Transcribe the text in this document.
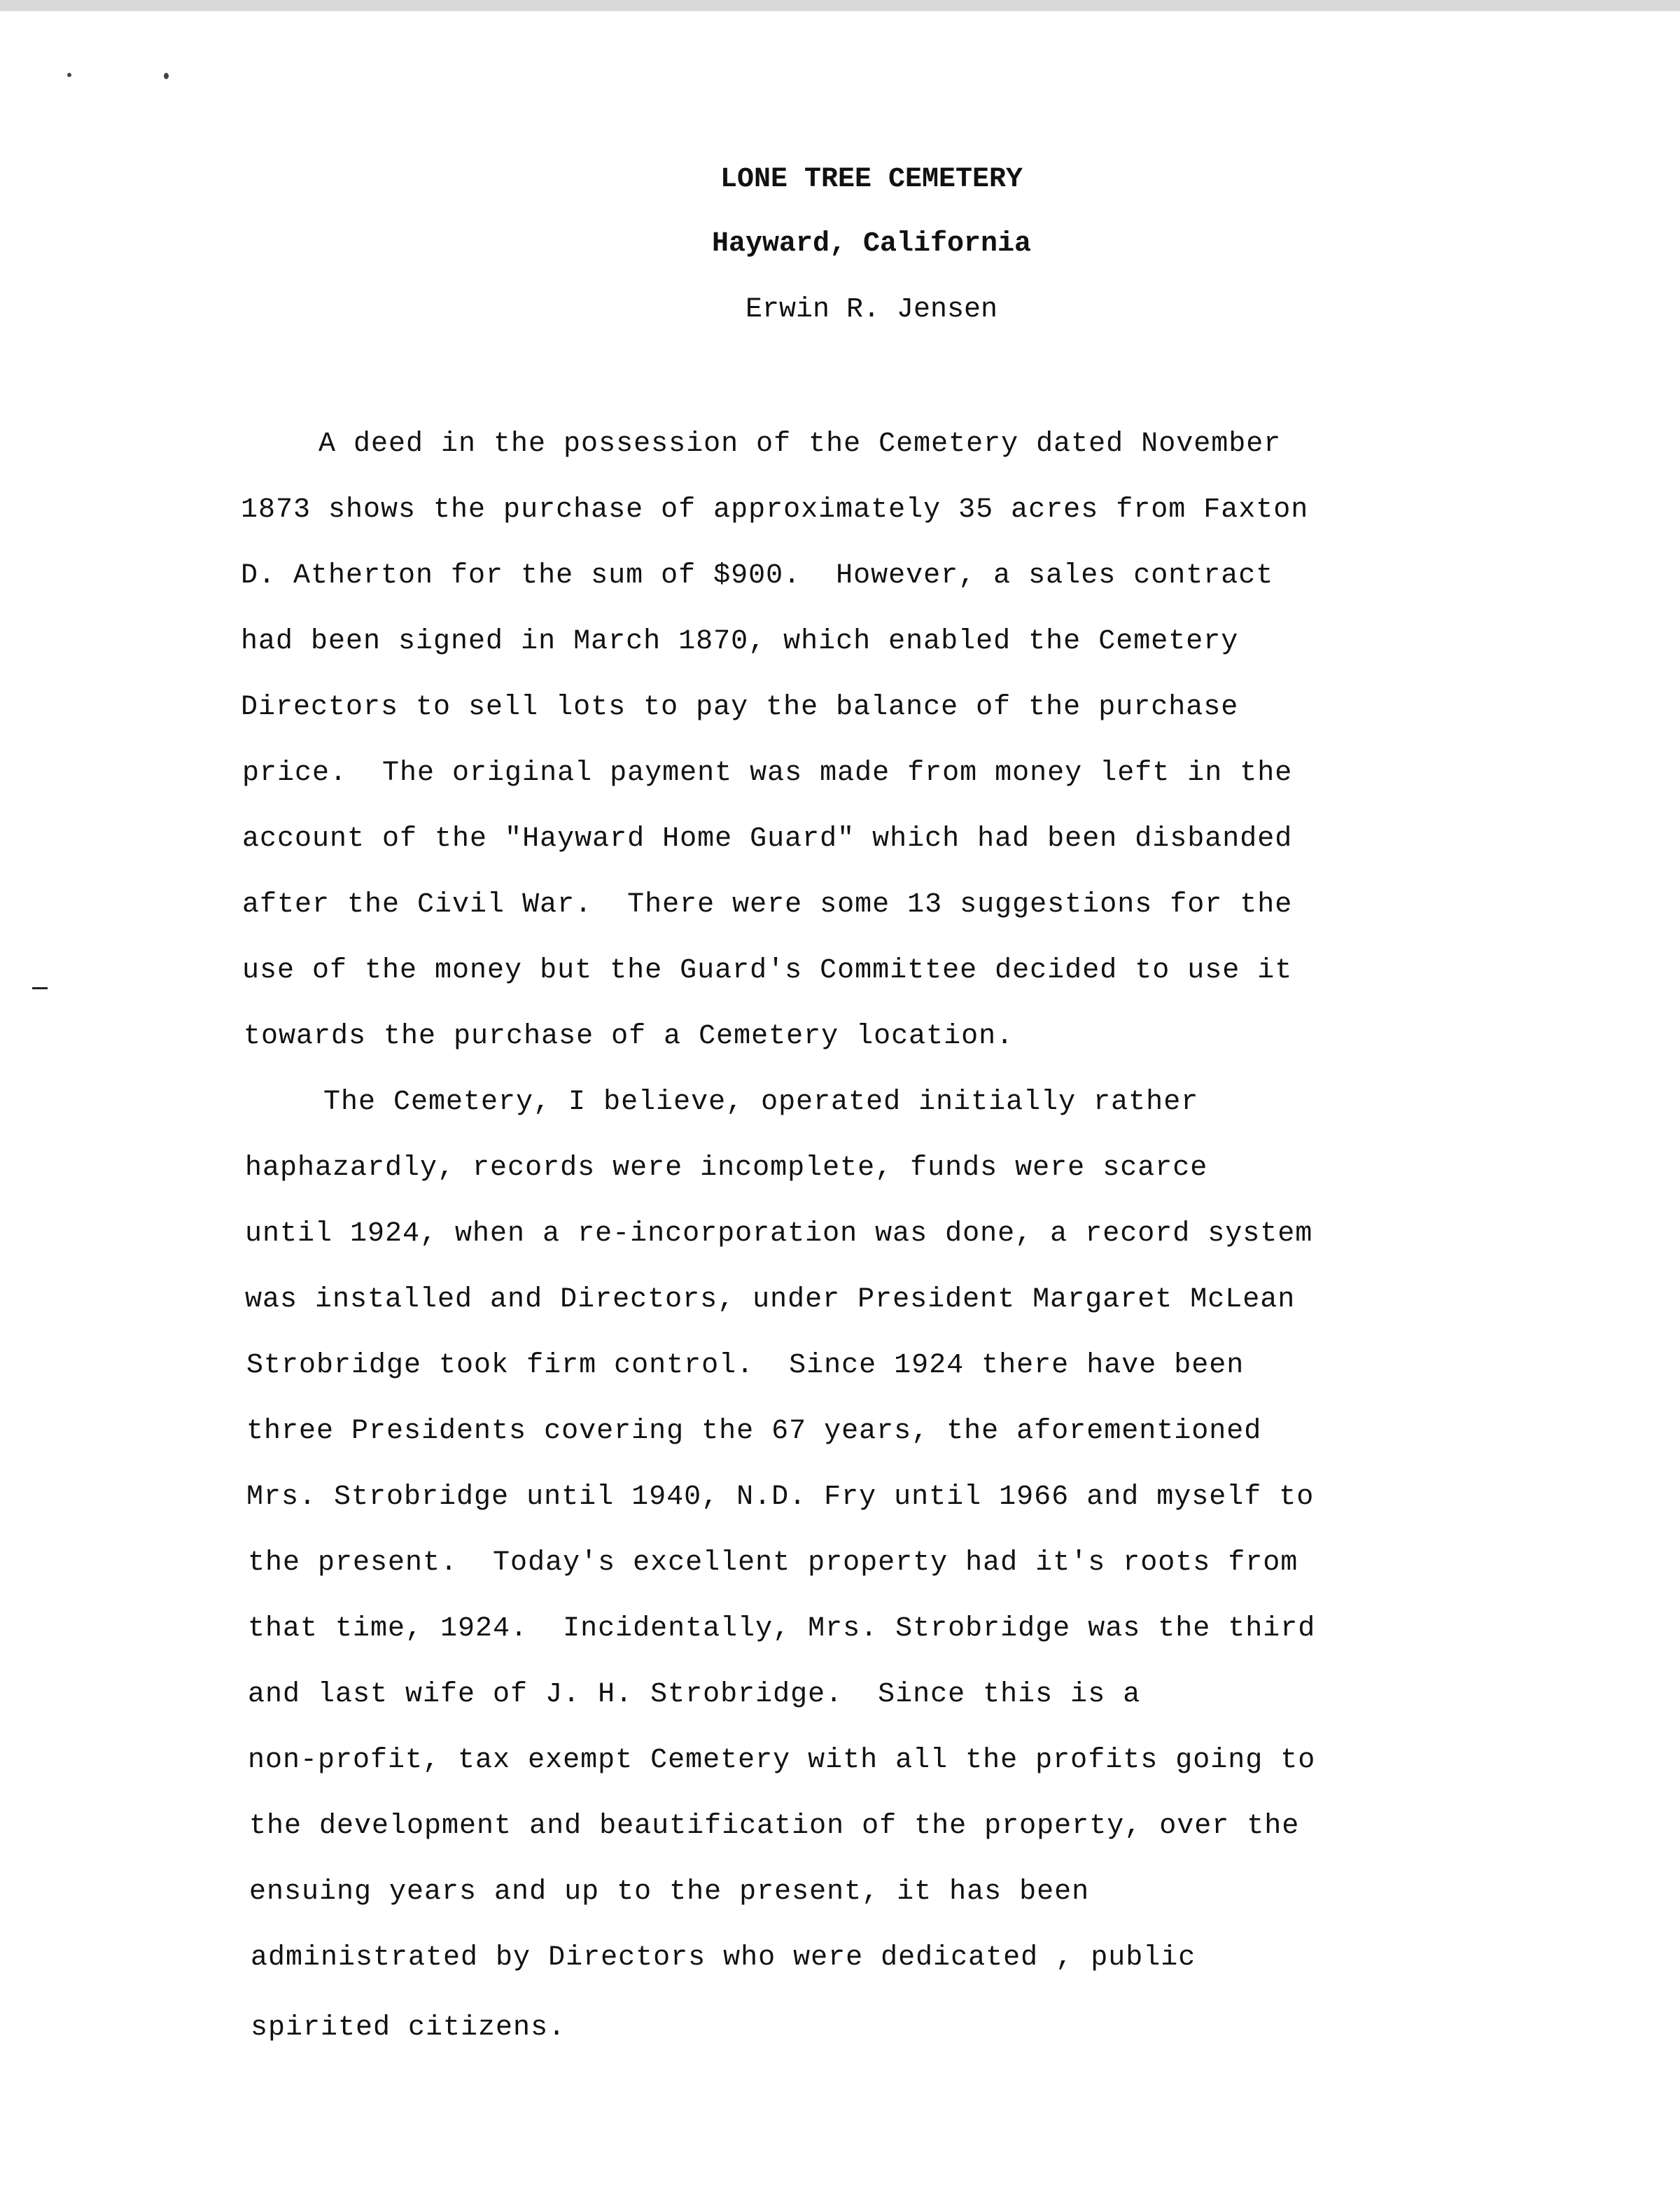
LONE TREE CEMETERY
Hayward, California
Erwin R. Jensen
A deed in the possession of the Cemetery dated November
1873 shows the purchase of approximately 35 acres from Faxton
D. Atherton for the sum of $900.  However, a sales contract
had been signed in March 1870, which enabled the Cemetery
Directors to sell lots to pay the balance of the purchase
price.  The original payment was made from money left in the
account of the "Hayward Home Guard" which had been disbanded
after the Civil War.  There were some 13 suggestions for the
use of the money but the Guard's Committee decided to use it
towards the purchase of a Cemetery location.
The Cemetery, I believe, operated initially rather
haphazardly, records were incomplete, funds were scarce
until 1924, when a re-incorporation was done, a record system
was installed and Directors, under President Margaret McLean
Strobridge took firm control.  Since 1924 there have been
three Presidents covering the 67 years, the aforementioned
Mrs. Strobridge until 1940, N.D. Fry until 1966 and myself to
the present.  Today's excellent property had it's roots from
that time, 1924.  Incidentally, Mrs. Strobridge was the third
and last wife of J. H. Strobridge.  Since this is a
non-profit, tax exempt Cemetery with all the profits going to
the development and beautification of the property, over the
ensuing years and up to the present, it has been
administrated by Directors who were dedicated , public
spirited citizens.
